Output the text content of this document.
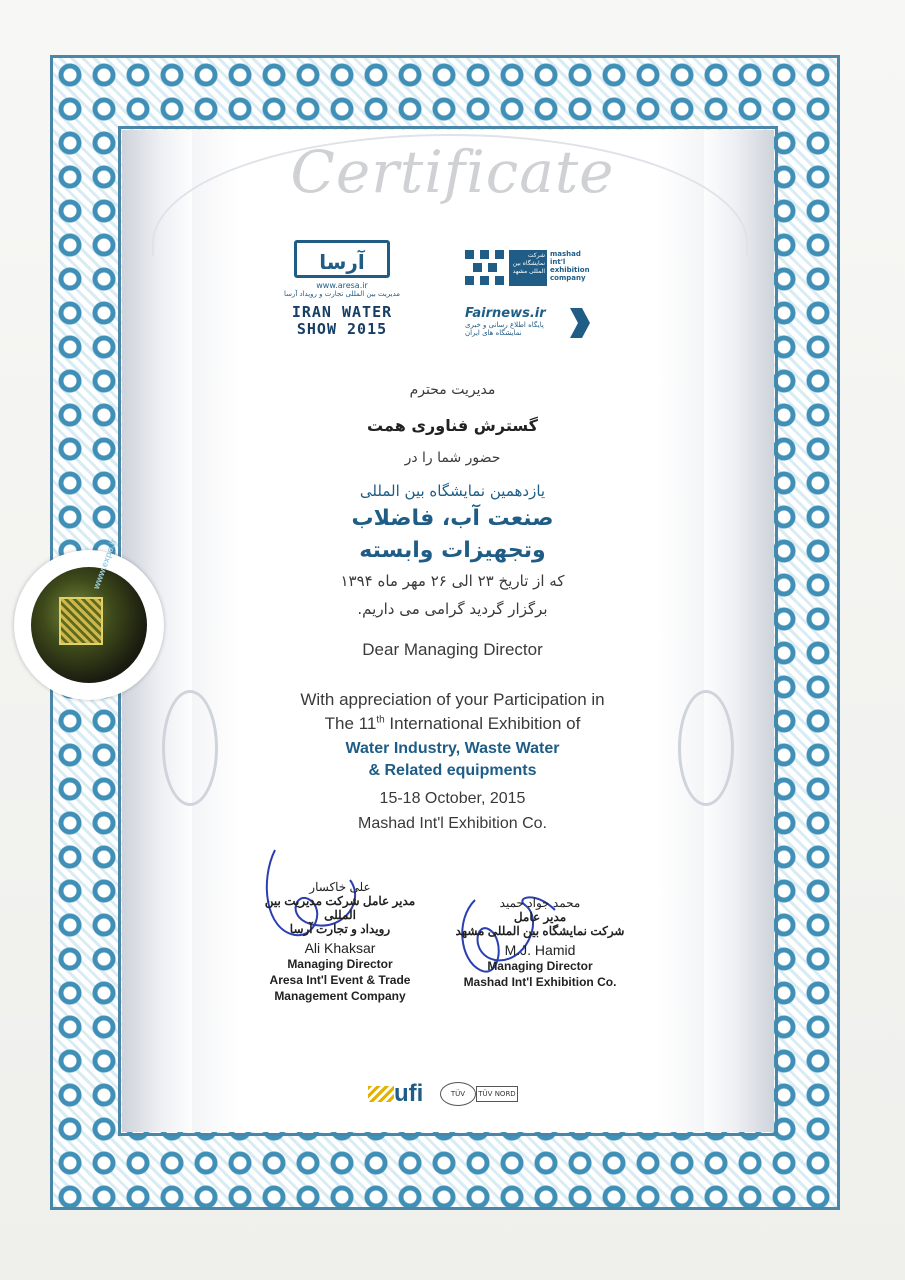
Certificate
آرسا
www.aresa.ir
مدیریت بین المللی تجارت و رویداد آرسا
IRAN WATER
SHOW 2015
شرکت نمایشگاه بین المللی مشهد
mashad int'l exhibition company
Fairnews.ir
پایگاه اطلاع رسانی و خبری نمایشگاه های ایران
مدیریت محترم
گسترش فناوری همت
حضور شما را در
یازدهمین نمایشگاه بین المللی
صنعت آب، فاضلاب
وتجهیزات وابسته
که از تاریخ ۲۳ الی ۲۶ مهر ماه ۱۳۹۴
برگزار گردید گرامی می داریم.
Dear Managing Director
With appreciation of your Participation in
The 11th International Exhibition of
Water Industry, Waste Water
& Related equipments
15-18 October, 2015
Mashad Int'l Exhibition Co.
علی خاکسار
مدیر عامل شرکت مدیریت بین المللی
رویداد و تجارت آرسا
Ali Khaksar
Managing Director
Aresa Int'l Event & Trade
Management Company
محمد جواد حمید
مدیر عامل
شرکت نمایشگاه بین المللی مشهد
M.J. Hamid
Managing Director
Mashad Int'l Exhibition Co.
ufi	TÜV	TÜV NORD
www.expo.ir
